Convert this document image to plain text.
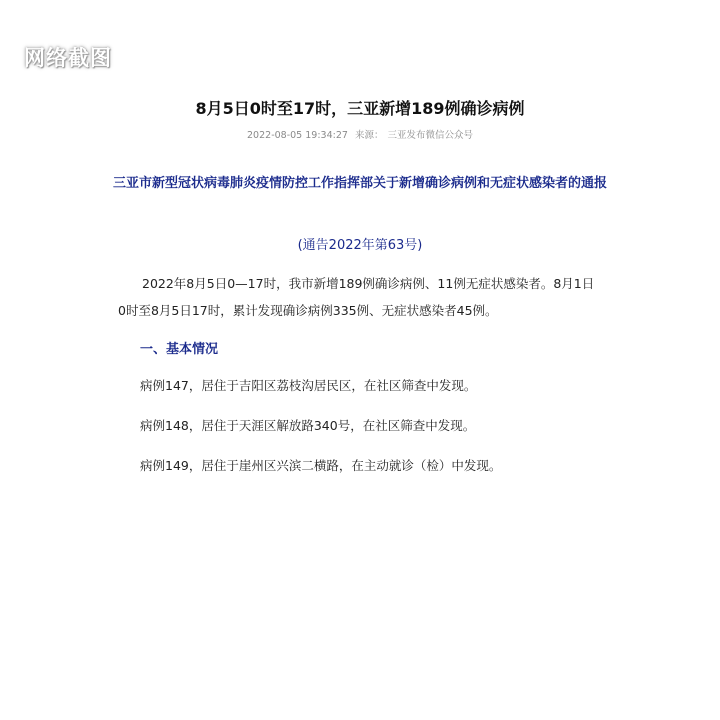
网络截图
8月5日0时至17时，三亚新增189例确诊病例
2022-08-05 19:34:27 来源： 三亚发布微信公众号
三亚市新型冠状病毒肺炎疫情防控工作指挥部关于新增确诊病例和无症状感染者的通报
(通告2022年第63号)
2022年8月5日0—17时，我市新增189例确诊病例、11例无症状感染者。8月1日0时至8月5日17时，累计发现确诊病例335例、无症状感染者45例。
一、基本情况
病例147，居住于吉阳区荔枝沟居民区，在社区筛查中发现。
病例148，居住于天涯区解放路340号，在社区筛查中发现。
病例149，居住于崖州区兴滨二横路，在主动就诊（检）中发现。
